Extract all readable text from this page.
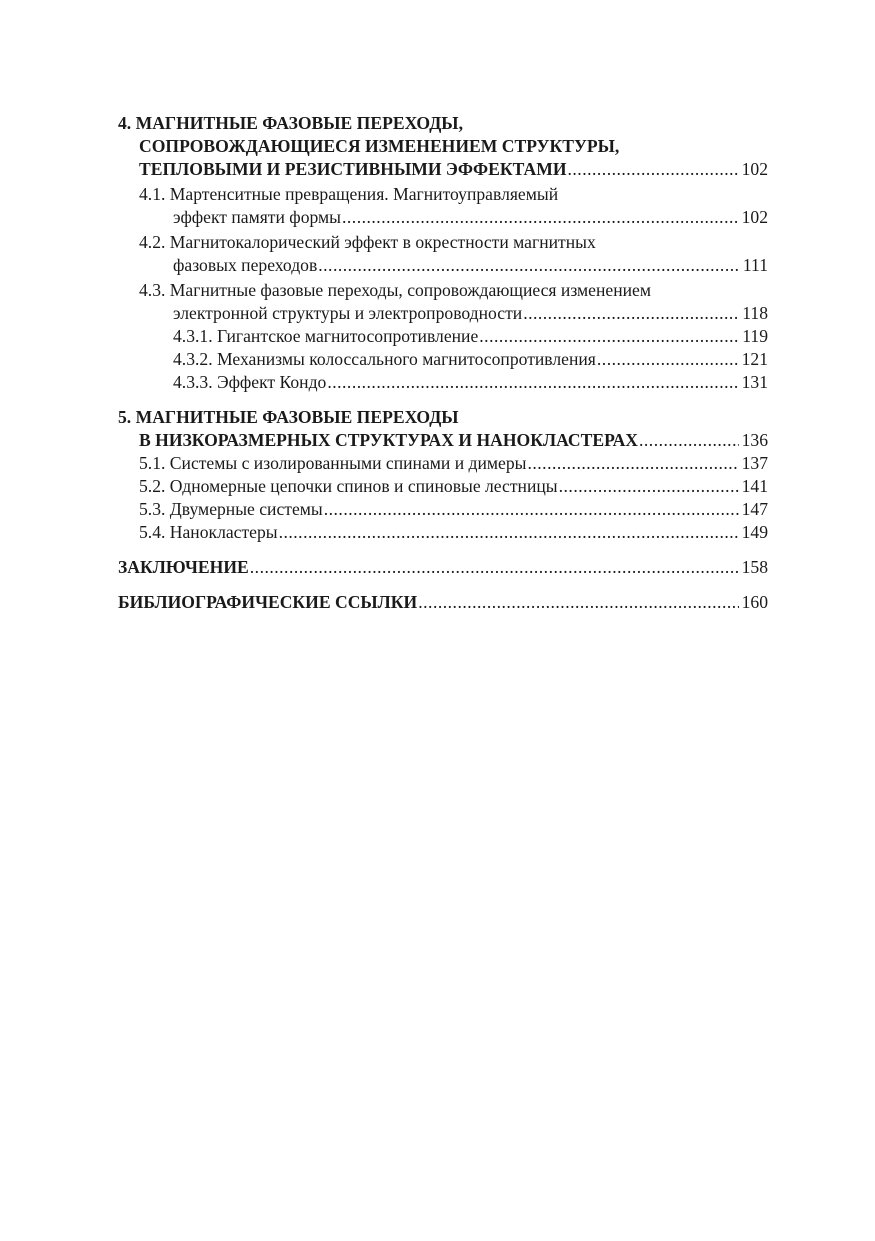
4. МАГНИТНЫЕ ФАЗОВЫЕ ПЕРЕХОДЫ,
СОПРОВОЖДАЮЩИЕСЯ ИЗМЕНЕНИЕМ СТРУКТУРЫ,
ТЕПЛОВЫМИ И РЕЗИСТИВНЫМИ ЭФФЕКТАМИ .....	102
4.1. Мартенситные превращения. Магнитоуправляемый
эффект памяти формы .....	102
4.2. Магнитокалорический эффект в окрестности магнитных
фазовых переходов .....	111
4.3. Магнитные фазовые переходы, сопровождающиеся изменением
электронной структуры и электропроводности .....	118
4.3.1. Гигантское магнитосопротивление .....	119
4.3.2. Механизмы колоссального магнитосопротивления .....	121
4.3.3. Эффект Кондо .....	131
5. МАГНИТНЫЕ ФАЗОВЫЕ ПЕРЕХОДЫ
В НИЗКОРАЗМЕРНЫХ СТРУКТУРАХ И НАНОКЛАСТЕРАХ .....	136
5.1. Системы с изолированными спинами и димеры .....	137
5.2. Одномерные цепочки спинов и спиновые лестницы .....	141
5.3. Двумерные системы .....	147
5.4. Нанокластеры .....	149
ЗАКЛЮЧЕНИЕ .....	158
БИБЛИОГРАФИЧЕСКИЕ ССЫЛКИ .....	160
